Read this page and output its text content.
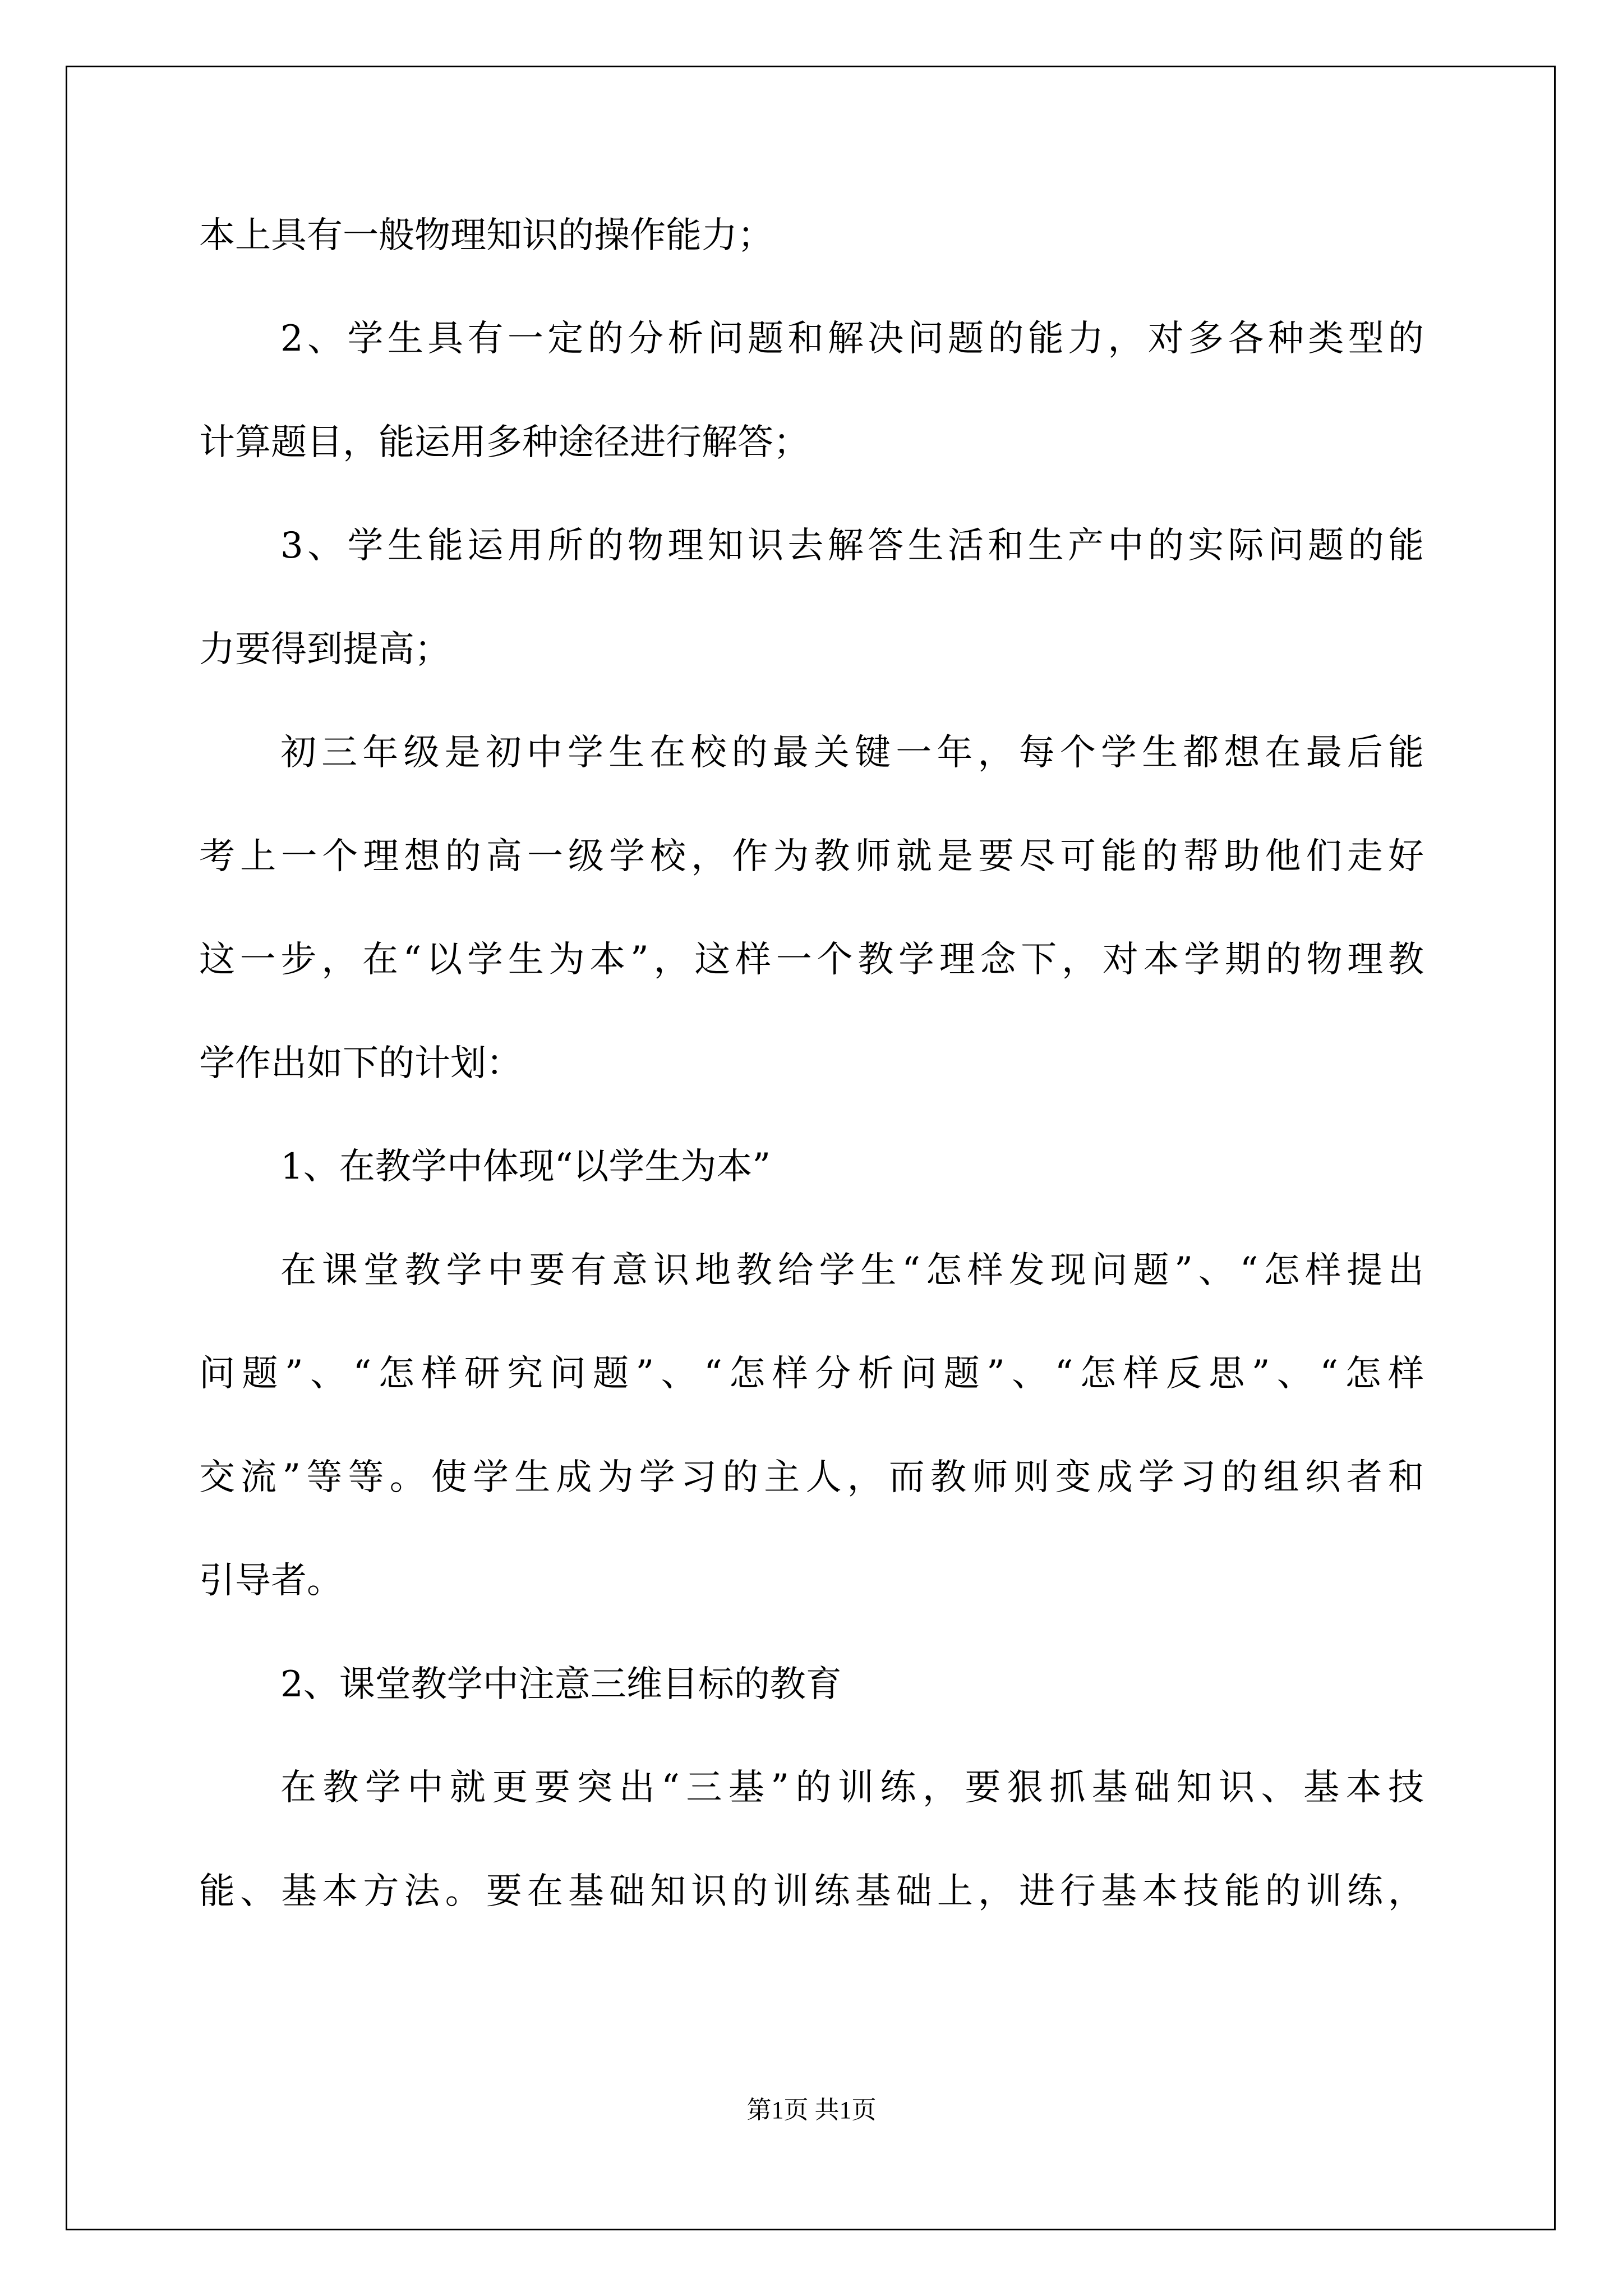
本上具有一般物理知识的操作能力；

2、学生具有一定的分析问题和解决问题的能力，对多各种类型的

计算题目，能运用多种途径进行解答；

3、学生能运用所的物理知识去解答生活和生产中的实际问题的能

力要得到提高；

初三年级是初中学生在校的最关键一年，每个学生都想在最后能

考上一个理想的高一级学校，作为教师就是要尽可能的帮助他们走好

这一步，在“以学生为本”，这样一个教学理念下，对本学期的物理教

学作出如下的计划：

1、在教学中体现“以学生为本”

在课堂教学中要有意识地教给学生“怎样发现问题”、“怎样提出

问题”、“怎样研究问题”、“怎样分析问题”、“怎样反思”、“怎样

交流”等等。使学生成为学习的主人，而教师则变成学习的组织者和

引导者。

2、课堂教学中注意三维目标的教育

在教学中就更要突出“三基”的训练，要狠抓基础知识、基本技

能、基本方法。要在基础知识的训练基础上，进行基本技能的训练，

第1页 共1页
